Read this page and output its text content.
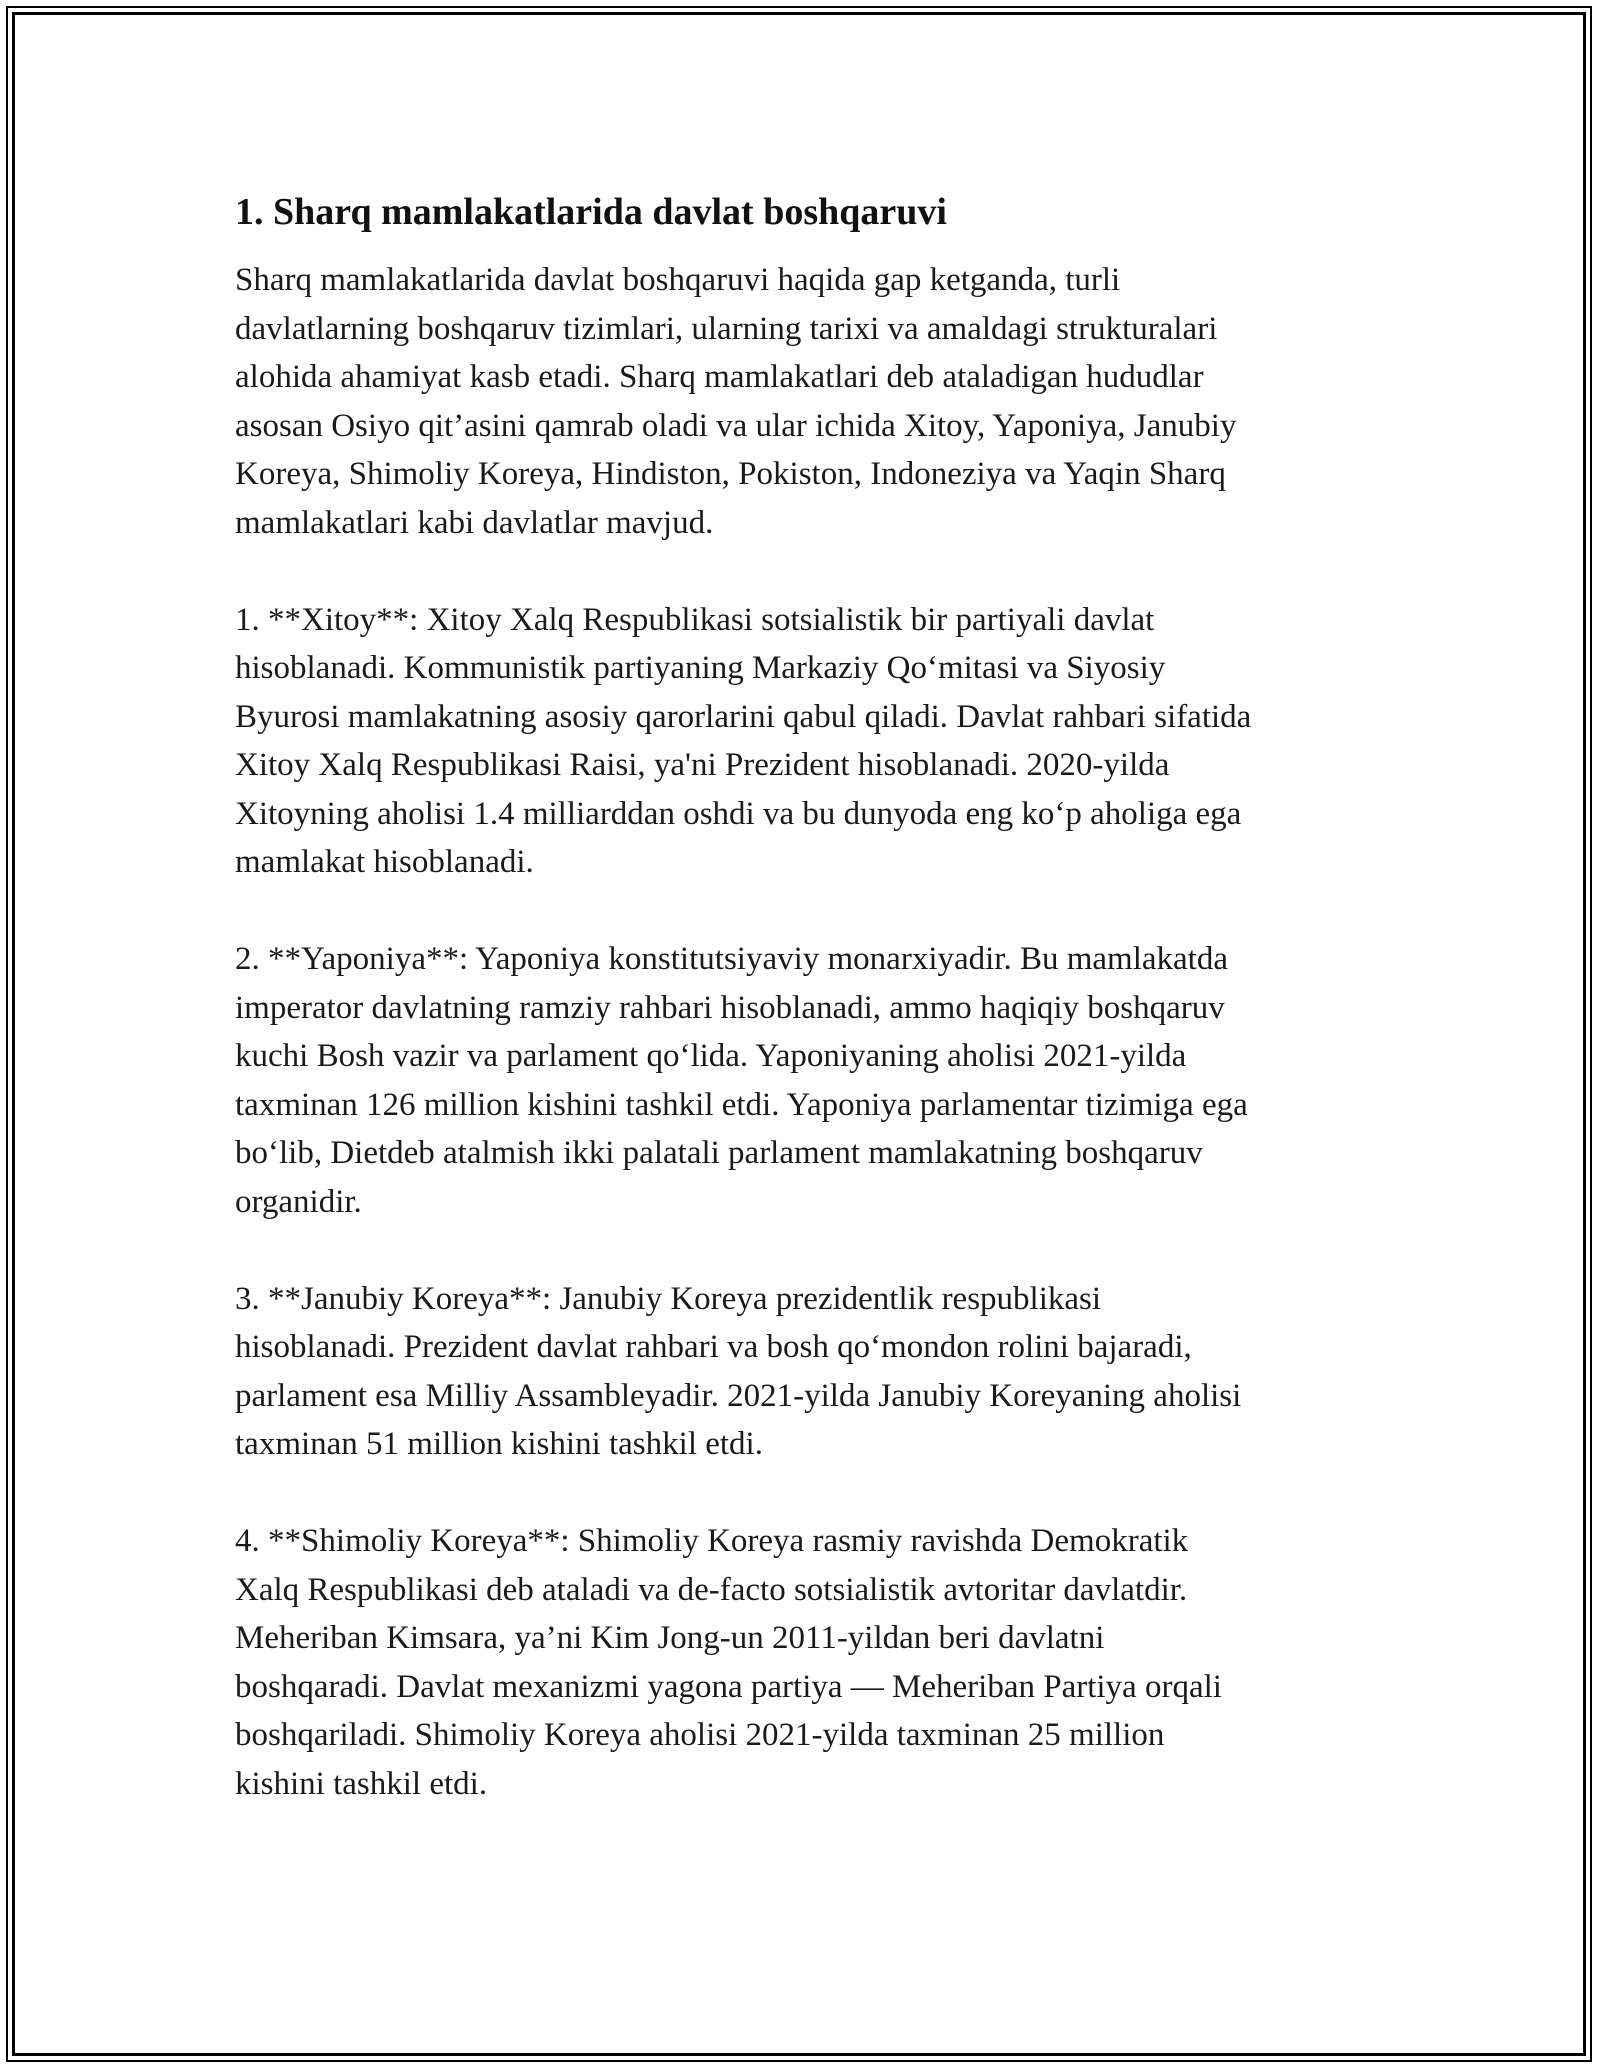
1. Sharq mamlakatlarida davlat boshqaruvi

Sharq mamlakatlarida davlat boshqaruvi haqida gap ketganda, turli
davlatlarning boshqaruv tizimlari, ularning tarixi va amaldagi strukturalari
alohida ahamiyat kasb etadi. Sharq mamlakatlari deb ataladigan hududlar
asosan Osiyo qit’asini qamrab oladi va ular ichida Xitoy, Yaponiya, Janubiy
Koreya, Shimoliy Koreya, Hindiston, Pokiston, Indoneziya va Yaqin Sharq
mamlakatlari kabi davlatlar mavjud.

1. **Xitoy**: Xitoy Xalq Respublikasi sotsialistik bir partiyali davlat
hisoblanadi. Kommunistik partiyaning Markaziy Qo‘mitasi va Siyosiy
Byurosi mamlakatning asosiy qarorlarini qabul qiladi. Davlat rahbari sifatida
Xitoy Xalq Respublikasi Raisi, ya'ni Prezident hisoblanadi. 2020-yilda
Xitoyning aholisi 1.4 milliarddan oshdi va bu dunyoda eng ko‘p aholiga ega
mamlakat hisoblanadi.

2. **Yaponiya**: Yaponiya konstitutsiyaviy monarxiyadir. Bu mamlakatda
imperator davlatning ramziy rahbari hisoblanadi, ammo haqiqiy boshqaruv
kuchi Bosh vazir va parlament qo‘lida. Yaponiyaning aholisi 2021-yilda
taxminan 126 million kishini tashkil etdi. Yaponiya parlamentar tizimiga ega
bo‘lib, Dietdeb atalmish ikki palatali parlament mamlakatning boshqaruv
organidir.

3. **Janubiy Koreya**: Janubiy Koreya prezidentlik respublikasi
hisoblanadi. Prezident davlat rahbari va bosh qo‘mondon rolini bajaradi,
parlament esa Milliy Assambleyadir. 2021-yilda Janubiy Koreyaning aholisi
taxminan 51 million kishini tashkil etdi.

4. **Shimoliy Koreya**: Shimoliy Koreya rasmiy ravishda Demokratik
Xalq Respublikasi deb ataladi va de-facto sotsialistik avtoritar davlatdir.
Meheriban Kimsara, ya’ni Kim Jong-un 2011-yildan beri davlatni
boshqaradi. Davlat mexanizmi yagona partiya — Meheriban Partiya orqali
boshqariladi. Shimoliy Koreya aholisi 2021-yilda taxminan 25 million
kishini tashkil etdi.
